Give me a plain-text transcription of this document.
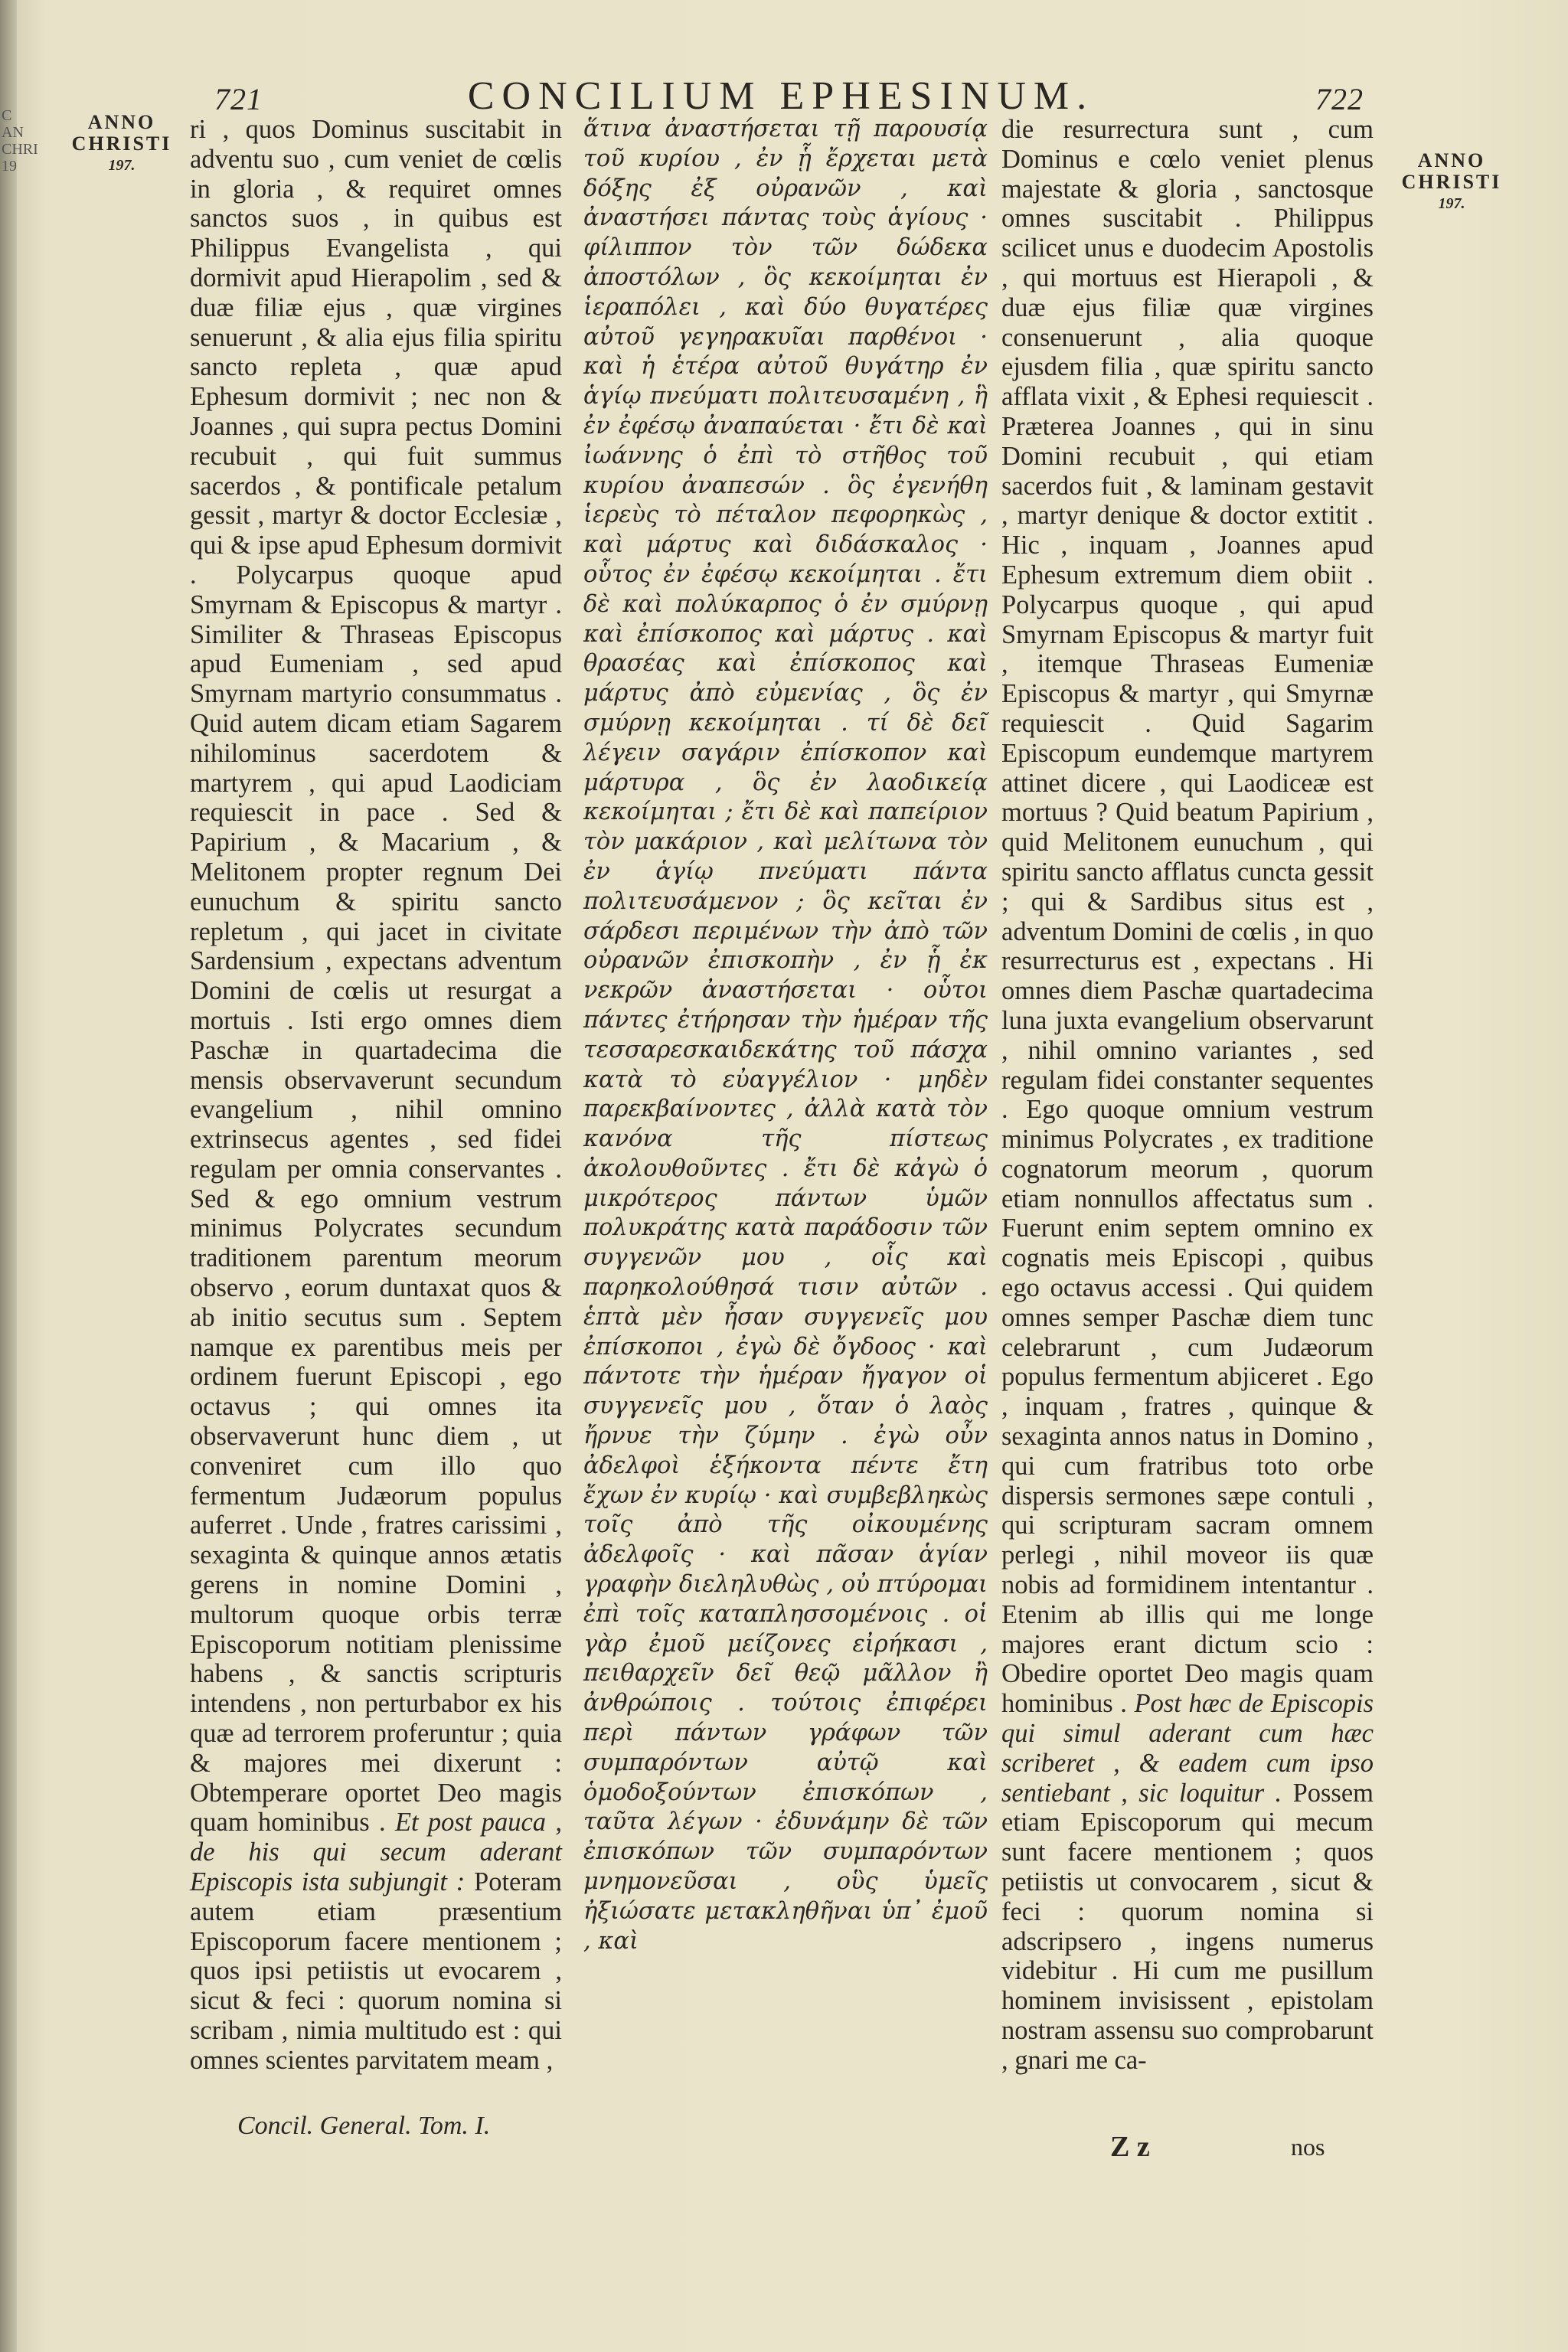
C AN CHRI 19
721	CONCILIUM EPHESINUM.	722
ANNO
CHRISTI
197.	ANNO
CHRISTI
197.

ri , quos Dominus suscitabit in adventu suo , cum veniet de cœlis in gloria , & requiret omnes sanctos suos , in quibus est Philippus Evangelista , qui dormivit apud Hierapolim , sed & duæ filiæ ejus , quæ virgines senuerunt , & alia ejus filia spiritu sancto repleta , quæ apud Ephesum dormivit ; nec non & Joannes , qui supra pectus Domini recubuit , qui fuit summus sacerdos , & pontificale petalum gessit , martyr & doctor Ecclesiæ , qui & ipse apud Ephesum dormivit . Polycarpus quoque apud Smyrnam & Episcopus & martyr . Similiter & Thraseas Episcopus apud Eumeniam , sed apud Smyrnam martyrio consummatus . Quid autem dicam etiam Sagarem nihilominus sacerdotem & martyrem , qui apud Laodiciam requiescit in pace . Sed & Papirium , & Macarium , & Melitonem propter regnum Dei eunuchum & spiritu sancto repletum , qui jacet in civitate Sardensium , expectans adventum Domini de cœlis ut resurgat a mortuis . Isti ergo omnes diem Paschæ in quartadecima die mensis observaverunt secundum evangelium , nihil omnino extrinsecus agentes , sed fidei regulam per omnia conservantes . Sed & ego omnium vestrum minimus Polycrates secundum traditionem parentum meorum observo , eorum duntaxat quos & ab initio secutus sum . Septem namque ex parentibus meis per ordinem fuerunt Episcopi , ego octavus ; qui omnes ita observaverunt hunc diem , ut conveniret cum illo quo fermentum Judæorum populus auferret . Unde , fratres carissimi , sexaginta & quinque annos ætatis gerens in nomine Domini , multorum quoque orbis terræ Episcoporum notitiam plenissime habens , & sanctis scripturis intendens , non perturbabor ex his quæ ad terrorem proferuntur ; quia & majores mei dixerunt : Obtemperare oportet Deo magis quam hominibus . Et post pauca , de his qui secum aderant Episcopis ista subjungit : Poteram autem etiam præsentium Episcoporum facere mentionem ; quos ipsi petiistis ut evocarem , sicut & feci : quorum nomina si scribam , nimia multitudo est : qui omnes scientes parvitatem meam ,

ἅτινα ἀναστήσεται τῇ παρουσίᾳ τοῦ κυρίου , ἐν ᾗ ἔρχεται μετὰ δόξης ἐξ οὐρανῶν , καὶ ἀναστήσει πάντας τοὺς ἁγίους · φίλιππον τὸν τῶν δώδεκα ἀποστόλων , ὃς κεκοίμηται ἐν ἱεραπόλει , καὶ δύο θυγατέρες αὐτοῦ γεγηρακυῖαι παρθένοι · καὶ ἡ ἑτέρα αὐτοῦ θυγάτηρ ἐν ἁγίῳ πνεύματι πολιτευσαμένη , ἣ ἐν ἐφέσῳ ἀναπαύεται · ἔτι δὲ καὶ ἰωάννης ὁ ἐπὶ τὸ στῆθος τοῦ κυρίου ἀναπεσών . ὃς ἐγενήθη ἱερεὺς τὸ πέταλον πεφορηκὼς , καὶ μάρτυς καὶ διδάσκαλος · οὗτος ἐν ἐφέσῳ κεκοίμηται . ἔτι δὲ καὶ πολύκαρπος ὁ ἐν σμύρνῃ καὶ ἐπίσκοπος καὶ μάρτυς . καὶ θρασέας καὶ ἐπίσκοπος καὶ μάρτυς ἀπὸ εὐμενίας , ὃς ἐν σμύρνῃ κεκοίμηται . τί δὲ δεῖ λέγειν σαγάριν ἐπίσκοπον καὶ μάρτυρα , ὃς ἐν λαοδικείᾳ κεκοίμηται ; ἔτι δὲ καὶ παπείριον τὸν μακάριον , καὶ μελίτωνα τὸν ἐν ἁγίῳ πνεύματι πάντα πολιτευσάμενον ; ὃς κεῖται ἐν σάρδεσι περιμένων τὴν ἀπὸ τῶν οὐρανῶν ἐπισκοπὴν , ἐν ᾗ ἐκ νεκρῶν ἀναστήσεται · οὗτοι πάντες ἐτήρησαν τὴν ἡμέραν τῆς τεσσαρεσκαιδεκάτης τοῦ πάσχα κατὰ τὸ εὐαγγέλιον · μηδὲν παρεκβαίνοντες , ἀλλὰ κατὰ τὸν κανόνα τῆς πίστεως ἀκολουθοῦντες . ἔτι δὲ κἀγὼ ὁ μικρότερος πάντων ὑμῶν πολυκράτης κατὰ παράδοσιν τῶν συγγενῶν μου , οἷς καὶ παρηκολούθησά τισιν αὐτῶν . ἑπτὰ μὲν ἦσαν συγγενεῖς μου ἐπίσκοποι , ἐγὼ δὲ ὄγδοος · καὶ πάντοτε τὴν ἡμέραν ἤγαγον οἱ συγγενεῖς μου , ὅταν ὁ λαὸς ἤρνυε τὴν ζύμην . ἐγὼ οὖν ἀδελφοὶ ἑξήκοντα πέντε ἔτη ἔχων ἐν κυρίῳ · καὶ συμβεβληκὼς τοῖς ἀπὸ τῆς οἰκουμένης ἀδελφοῖς · καὶ πᾶσαν ἁγίαν γραφὴν διεληλυθὼς , οὐ πτύρομαι ἐπὶ τοῖς καταπλησσομένοις . οἱ γὰρ ἐμοῦ μείζονες εἰρήκασι , πειθαρχεῖν δεῖ θεῷ μᾶλλον ἢ ἀνθρώποις . τούτοις ἐπιφέρει περὶ πάντων γράφων τῶν συμπαρόντων αὐτῷ καὶ ὁμοδοξούντων ἐπισκόπων , ταῦτα λέγων · ἐδυνάμην δὲ τῶν ἐπισκόπων τῶν συμπαρόντων μνημονεῦσαι , οὓς ὑμεῖς ἠξιώσατε μετακληθῆναι ὑπ᾽ ἐμοῦ , καὶ

die resurrectura sunt , cum Dominus e cœlo veniet plenus majestate & gloria , sanctosque omnes suscitabit . Philippus scilicet unus e duodecim Apostolis , qui mortuus est Hierapoli , & duæ ejus filiæ quæ virgines consenuerunt , alia quoque ejusdem filia , quæ spiritu sancto afflata vixit , & Ephesi requiescit . Præterea Joannes , qui in sinu Domini recubuit , qui etiam sacerdos fuit , & laminam gestavit , martyr denique & doctor extitit . Hic , inquam , Joannes apud Ephesum extremum diem obiit . Polycarpus quoque , qui apud Smyrnam Episcopus & martyr fuit , itemque Thraseas Eumeniæ Episcopus & martyr , qui Smyrnæ requiescit . Quid Sagarim Episcopum eundemque martyrem attinet dicere , qui Laodiceæ est mortuus ? Quid beatum Papirium , quid Melitonem eunuchum , qui spiritu sancto afflatus cuncta gessit ; qui & Sardibus situs est , adventum Domini de cœlis , in quo resurrecturus est , expectans . Hi omnes diem Paschæ quartadecima luna juxta evangelium observarunt , nihil omnino variantes , sed regulam fidei constanter sequentes . Ego quoque omnium vestrum minimus Polycrates , ex traditione cognatorum meorum , quorum etiam nonnullos affectatus sum . Fuerunt enim septem omnino ex cognatis meis Episcopi , quibus ego octavus accessi . Qui quidem omnes semper Paschæ diem tunc celebrarunt , cum Judæorum populus fermentum abjiceret . Ego , inquam , fratres , quinque & sexaginta annos natus in Domino , qui cum fratribus toto orbe dispersis sermones sæpe contuli , qui scripturam sacram omnem perlegi , nihil moveor iis quæ nobis ad formidinem intentantur . Etenim ab illis qui me longe majores erant dictum scio : Obedire oportet Deo magis quam hominibus . Post hæc de Episcopis qui simul aderant cum hæc scriberet , & eadem cum ipso sentiebant , sic loquitur . Possem etiam Episcoporum qui mecum sunt facere mentionem ; quos petiistis ut convocarem , sicut & feci : quorum nomina si adscripsero , ingens numerus videbitur . Hi cum me pusillum hominem invisissent , epistolam nostram assensu suo comprobarunt , gnari me ca-

Concil. General. Tom. I.
Z z	nos
